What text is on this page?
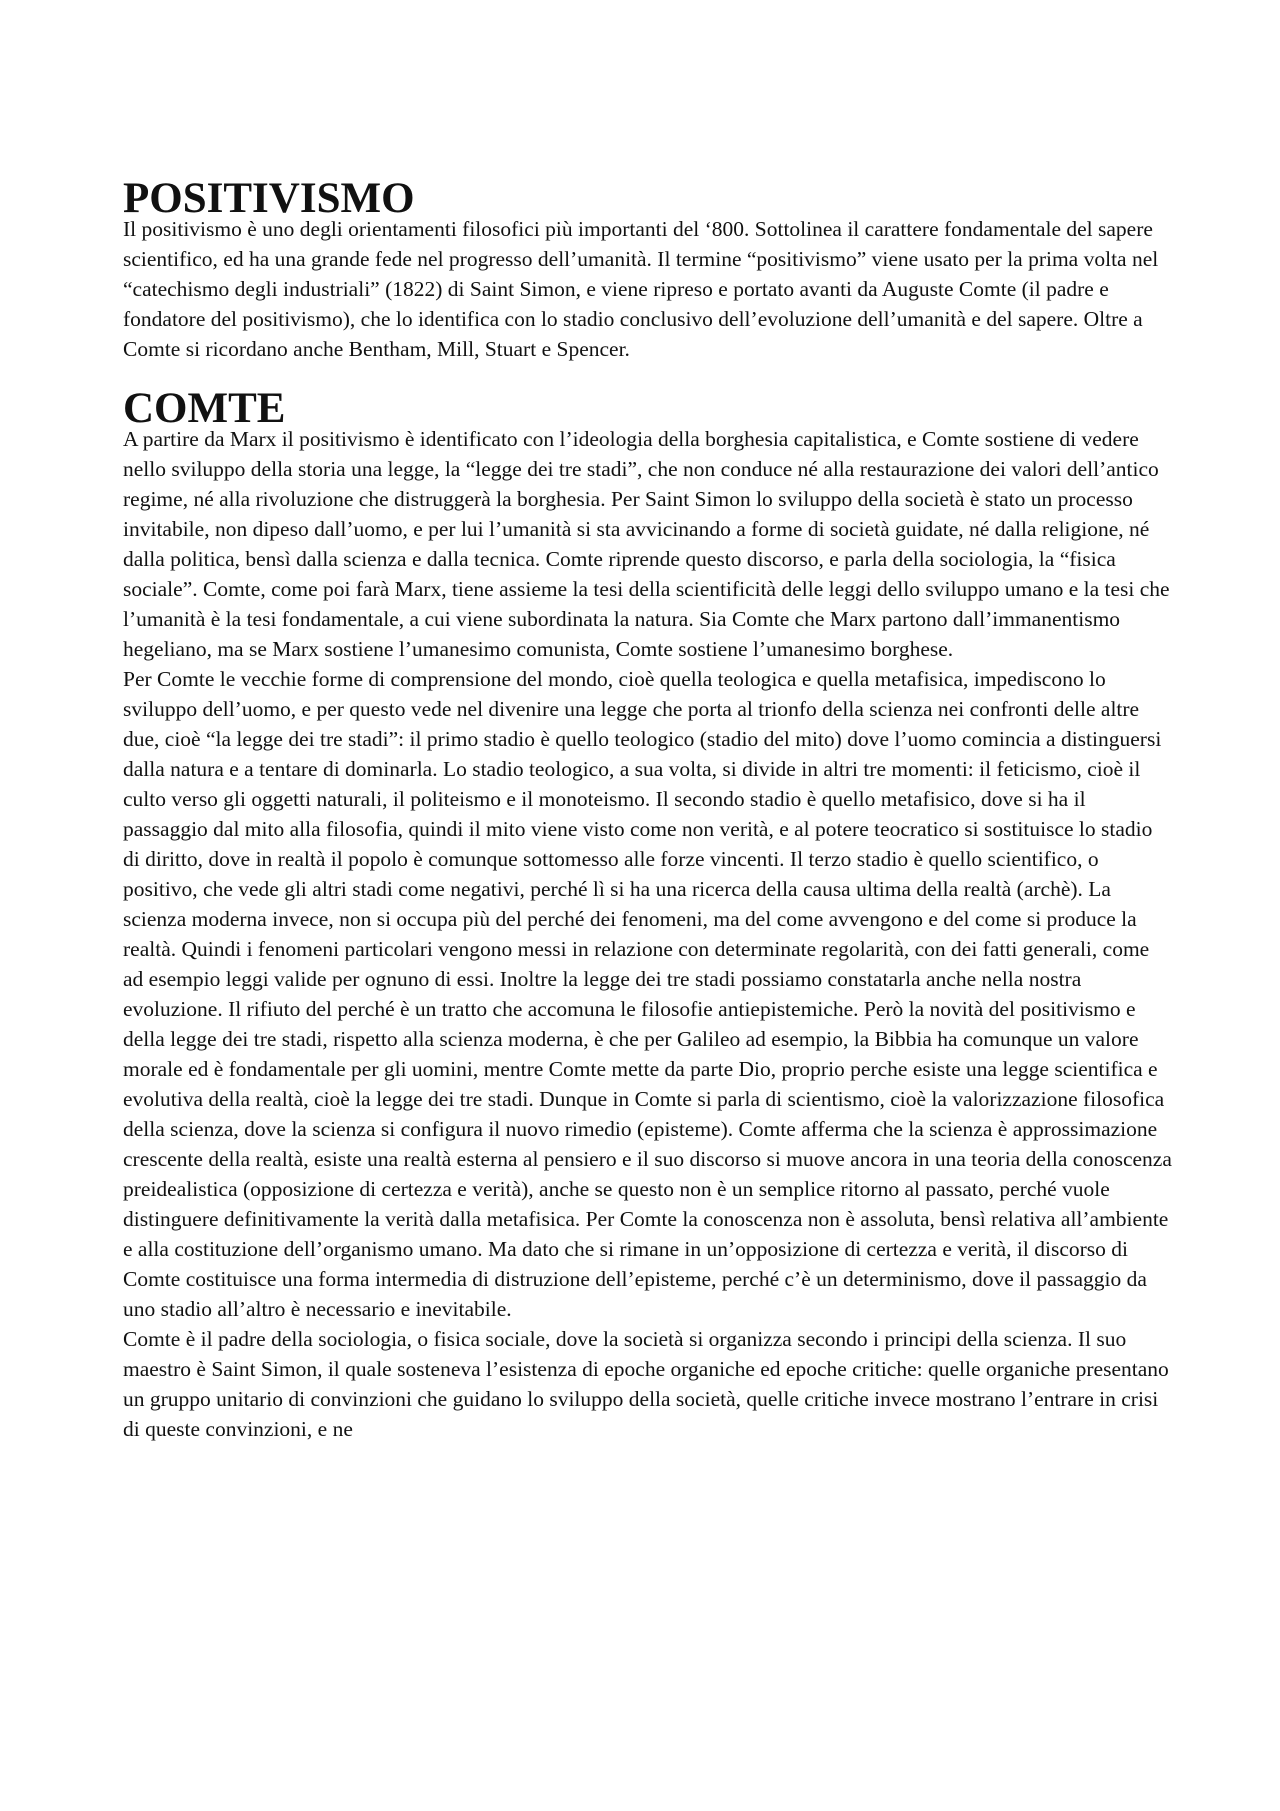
POSITIVISMO

Il positivismo è uno degli orientamenti filosofici più importanti del ‘800. Sottolinea il carattere fondamentale del sapere scientifico, ed ha una grande fede nel progresso dell’umanità. Il termine “positivismo” viene usato per la prima volta nel “catechismo degli industriali” (1822) di Saint Simon, e viene ripreso e portato avanti da Auguste Comte (il padre e fondatore del positivismo), che lo identifica con lo stadio conclusivo dell’evoluzione dell’umanità e del sapere. Oltre a Comte si ricordano anche Bentham, Mill, Stuart e Spencer.

COMTE

A partire da Marx il positivismo è identificato con l’ideologia della borghesia capitalistica, e Comte sostiene di vedere nello sviluppo della storia una legge, la “legge dei tre stadi”, che non conduce né alla restaurazione dei valori dell’antico regime, né alla rivoluzione che distruggerà la borghesia. Per Saint Simon lo sviluppo della società è stato un processo invitabile, non dipeso dall’uomo, e per lui l’umanità si sta avvicinando a forme di società guidate, né dalla religione, né dalla politica, bensì dalla scienza e dalla tecnica. Comte riprende questo discorso, e parla della sociologia, la “fisica sociale”. Comte, come poi farà Marx, tiene assieme la tesi della scientificità delle leggi dello sviluppo umano e la tesi che l’umanità è la tesi fondamentale, a cui viene subordinata la natura. Sia Comte che Marx partono dall’immanentismo hegeliano, ma se Marx sostiene l’umanesimo comunista, Comte sostiene l’umanesimo borghese.

Per Comte le vecchie forme di comprensione del mondo, cioè quella teologica e quella metafisica, impediscono lo sviluppo dell’uomo, e per questo vede nel divenire una legge che porta al trionfo della scienza nei confronti delle altre due, cioè “la legge dei tre stadi”: il primo stadio è quello teologico (stadio del mito) dove l’uomo comincia a distinguersi dalla natura e a tentare di dominarla. Lo stadio teologico, a sua volta, si divide in altri tre momenti: il feticismo, cioè il culto verso gli oggetti naturali, il politeismo e il monoteismo. Il secondo stadio è quello metafisico, dove si ha il passaggio dal mito alla filosofia, quindi il mito viene visto come non verità, e al potere teocratico si sostituisce lo stadio di diritto, dove in realtà il popolo è comunque sottomesso alle forze vincenti. Il terzo stadio è quello scientifico, o positivo, che vede gli altri stadi come negativi, perché lì si ha una ricerca della causa ultima della realtà (archè). La scienza moderna invece, non si occupa più del perché dei fenomeni, ma del come avvengono e del come si produce la realtà. Quindi i fenomeni particolari vengono messi in relazione con determinate regolarità, con dei fatti generali, come ad esempio leggi valide per ognuno di essi. Inoltre la legge dei tre stadi possiamo constatarla anche nella nostra evoluzione. Il rifiuto del perché è un tratto che accomuna le filosofie antiepistemiche. Però la novità del positivismo e della legge dei tre stadi, rispetto alla scienza moderna, è che per Galileo ad esempio, la Bibbia ha comunque un valore morale ed è fondamentale per gli uomini, mentre Comte mette da parte Dio, proprio perche esiste una legge scientifica e evolutiva della realtà, cioè la legge dei tre stadi. Dunque in Comte si parla di scientismo, cioè la valorizzazione filosofica della scienza, dove la scienza si configura il nuovo rimedio (episteme). Comte afferma che la scienza è approssimazione crescente della realtà, esiste una realtà esterna al pensiero e il suo discorso si muove ancora in una teoria della conoscenza preidealistica (opposizione di certezza e verità), anche se questo non è un semplice ritorno al passato, perché vuole distinguere definitivamente la verità dalla metafisica. Per Comte la conoscenza non è assoluta, bensì relativa all’ambiente e alla costituzione dell’organismo umano. Ma dato che si rimane in un’opposizione di certezza e verità, il discorso di Comte costituisce una forma intermedia di distruzione dell’episteme, perché c’è un determinismo, dove il passaggio da uno stadio all’altro è necessario e inevitabile.

Comte è il padre della sociologia, o fisica sociale, dove la società si organizza secondo i principi della scienza. Il suo maestro è Saint Simon, il quale sosteneva l’esistenza di epoche organiche ed epoche critiche: quelle organiche presentano un gruppo unitario di convinzioni che guidano lo sviluppo della società, quelle critiche invece mostrano l’entrare in crisi di queste convinzioni, e ne
